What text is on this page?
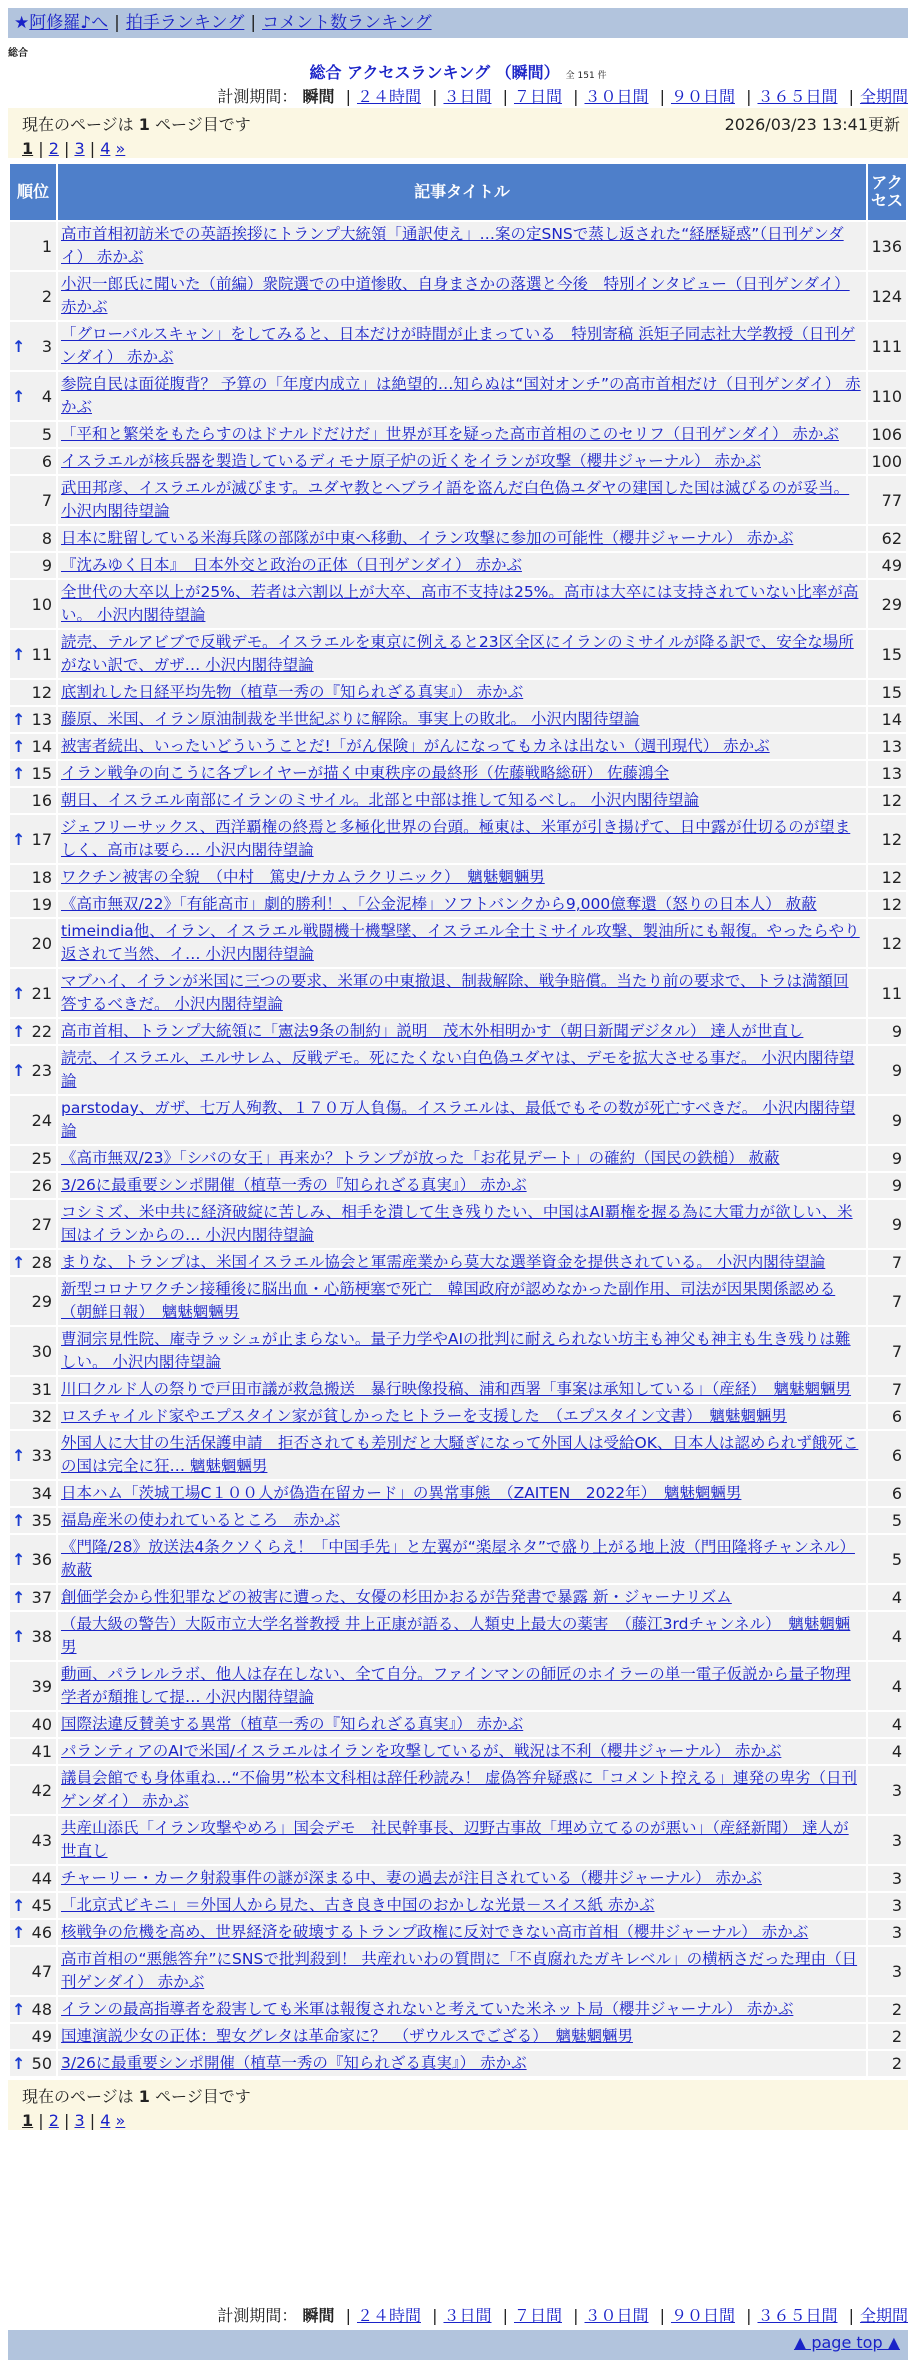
★阿修羅♪へ | 拍手ランキング | コメント数ランキング
総合
総合 アクセスランキング （瞬間） 全 151 件
計測期間： 瞬間 | ２４時間 | ３日間 | ７日間 | ３０日間 | ９０日間 | ３６５日間 | 全期間
現在のページは 1 ページ目です	2026/03/23 13:41更新
1 | 2 | 3 | 4 »
順位	記事タイトル	アクセス
1	高市首相初訪米での英語挨拶にトランプ大統領「通訳使え」…案の定SNSで蒸し返された“経歴疑惑”（日刊ゲンダイ） 赤かぶ	136
2	小沢一郎氏に聞いた（前編）衆院選での中道惨敗、自身まさかの落選と今後　特別インタビュー（日刊ゲンダイ） 赤かぶ	124

↑ 3	「グローバルスキャン」をしてみると、日本だけが時間が止まっている　特別寄稿 浜矩子同志社大学教授（日刊ゲンダイ） 赤かぶ	111

↑ 4	参院自民は面従腹背？ 予算の「年度内成立」は絶望的…知らぬは“国対オンチ”の高市首相だけ（日刊ゲンダイ） 赤かぶ	110
5	「平和と繁栄をもたらすのはドナルドだけだ」世界が耳を疑った高市首相のこのセリフ（日刊ゲンダイ） 赤かぶ	106
6	イスラエルが核兵器を製造しているディモナ原子炉の近くをイランが攻撃（櫻井ジャーナル） 赤かぶ	100
7	武田邦彦、イスラエルが滅びます。ユダヤ教とヘブライ語を盗んだ白色偽ユダヤの建国した国は滅びるのが妥当。 小沢内閣待望論	77
8	日本に駐留している米海兵隊の部隊が中東へ移動、イラン攻撃に参加の可能性（櫻井ジャーナル） 赤かぶ	62
9	『沈みゆく日本』　日本外交と政治の正体（日刊ゲンダイ） 赤かぶ	49
10	全世代の大卒以上が25%、若者は六割以上が大卒、高市不支持は25%。高市は大卒には支持されていない比率が高い。 小沢内閣待望論	29

↑ 11	読売、テルアビブで反戦デモ。イスラエルを東京に例えると23区全区にイランのミサイルが降る訳で、安全な場所がない訳で、ガザ… 小沢内閣待望論	15
12	底割れした日経平均先物（植草一秀の『知られざる真実』） 赤かぶ	15

↑ 13	藤原、米国、イラン原油制裁を半世紀ぶりに解除。事実上の敗北。 小沢内閣待望論	14

↑ 14	被害者続出、いったいどういうことだ!「がん保険」がんになってもカネは出ない（週刊現代） 赤かぶ	13

↑ 15	イラン戦争の向こうに各プレイヤーが描く中東秩序の最終形（佐藤戦略総研） 佐藤鴻全	13
16	朝日、イスラエル南部にイランのミサイル。北部と中部は推して知るべし。 小沢内閣待望論	12

↑ 17	ジェフリーサックス、西洋覇権の終焉と多極化世界の台頭。極東は、米軍が引き揚げて、日中露が仕切るのが望ましく、高市は要ら… 小沢内閣待望論	12
18	ワクチン被害の全貌　（中村　篤史/ナカムラクリニック）　魑魅魍魎男	12
19	《高市無双/22》「有能高市」劇的勝利！、「公金泥棒」ソフトバンクから9,000億奪還（怒りの日本人） 赦蔽	12
20	timeindia他、イラン、イスラエル戦闘機十機撃墜、イスラエル全土ミサイル攻撃、製油所にも報復。やったらやり返されて当然、イ… 小沢内閣待望論	12

↑ 21	マブハイ、イランが米国に三つの要求、米軍の中東撤退、制裁解除、戦争賠償。当たり前の要求で、トラは満額回答するべきだ。 小沢内閣待望論	11

↑ 22	高市首相、トランプ大統領に「憲法9条の制約」説明　茂木外相明かす（朝日新聞デジタル） 達人が世直し	9

↑ 23	読売、イスラエル、エルサレム、反戦デモ。死にたくない白色偽ユダヤは、デモを拡大させる事だ。 小沢内閣待望論	9
24	parstoday、ガザ、七万人殉教、１７０万人負傷。イスラエルは、最低でもその数が死亡すべきだ。 小沢内閣待望論	9
25	《高市無双/23》「シバの女王」再来か？トランプが放った「お花見デート」の確約（国民の鉄槌） 赦蔽	9
26	3/26に最重要シンポ開催（植草一秀の『知られざる真実』） 赤かぶ	9
27	コシミズ、米中共に経済破綻に苦しみ、相手を潰して生き残りたい、中国はAI覇権を握る為に大電力が欲しい、米国はイランからの… 小沢内閣待望論	9

↑ 28	まりな、トランプは、米国イスラエル協会と軍需産業から莫大な選挙資金を提供されている。 小沢内閣待望論	7
29	新型コロナワクチン接種後に脳出血・心筋梗塞で死亡　韓国政府が認めなかった副作用、司法が因果関係認める（朝鮮日報）　魑魅魍魎男	7
30	曹洞宗見性院、庵寺ラッシュが止まらない。量子力学やAIの批判に耐えられない坊主も神父も神主も生き残りは難しい。 小沢内閣待望論	7
31	川口クルド人の祭りで戸田市議が救急搬送　暴行映像投稿、浦和西署「事案は承知している」（産経）　魑魅魍魎男	7
32	ロスチャイルド家やエプスタイン家が貧しかったヒトラーを支援した　（エプスタイン文書）　魑魅魍魎男	6

↑ 33	外国人に大甘の生活保護申請　拒否されても差別だと大騒ぎになって外国人は受給OK、日本人は認められず餓死この国は完全に狂… 魑魅魍魎男	6
34	日本ハム「茨城工場C１００人が偽造在留カード」の異常事態　（ZAITEN　2022年）　魑魅魍魎男	6

↑ 35	福島産米の使われているところ　赤かぶ	5

↑ 36	《門隆/28》放送法4条クソくらえ！「中国手先」と左翼が“楽屋ネタ”で盛り上がる地上波（門田隆将チャンネル） 赦蔽	5

↑ 37	創価学会から性犯罪などの被害に遭った、女優の杉田かおるが告発書で暴露 新・ジャーナリズム	4

↑ 38	（最大級の警告）大阪市立大学名誉教授 井上正康が語る、人類史上最大の薬害　（藤江3rdチャンネル）　魑魅魍魎男	4
39	動画、パラレルラボ、他人は存在しない、全て自分。ファインマンの師匠のホイラーの単一電子仮説から量子物理学者が頽推して提… 小沢内閣待望論	4
40	国際法違反賛美する異常（植草一秀の『知られざる真実』） 赤かぶ	4
41	パランティアのAIで米国/イスラエルはイランを攻撃しているが、戦況は不利（櫻井ジャーナル） 赤かぶ	4
42	議員会館でも身体重ね…“不倫男”松本文科相は辞任秒読み！ 虚偽答弁疑惑に「コメント控える」連発の卑劣（日刊ゲンダイ） 赤かぶ	3
43	共産山添氏「イラン攻撃やめろ」国会デモ　社民幹事長、辺野古事故「埋め立てるのが悪い」（産経新聞） 達人が世直し	3
44	チャーリー・カーク射殺事件の謎が深まる中、妻の過去が注目されている（櫻井ジャーナル） 赤かぶ	3

↑ 45	「北京式ビキニ」＝外国人から見た、古き良き中国のおかしな光景－スイス紙 赤かぶ	3

↑ 46	核戦争の危機を高め、世界経済を破壊するトランプ政権に反対できない高市首相（櫻井ジャーナル） 赤かぶ	3
47	高市首相の“悪態答弁”にSNSで批判殺到！ 共産れいわの質問に「不貞腐れたガキレベル」の横柄さだった理由（日刊ゲンダイ） 赤かぶ	3

↑ 48	イランの最高指導者を殺害しても米軍は報復されないと考えていた米ネット局（櫻井ジャーナル） 赤かぶ	2
49	国連演説少女の正体：聖女グレタは革命家に？　（ザウルスでござる）　魑魅魍魎男	2

↑ 50	3/26に最重要シンポ開催（植草一秀の『知られざる真実』） 赤かぶ	2
計測期間： 瞬間 | ２４時間 | ３日間 | ７日間 | ３０日間 | ９０日間 | ３６５日間 | 全期間
現在のページは 1 ページ目です
1 | 2 | 3 | 4 »
▲ page top ▲
